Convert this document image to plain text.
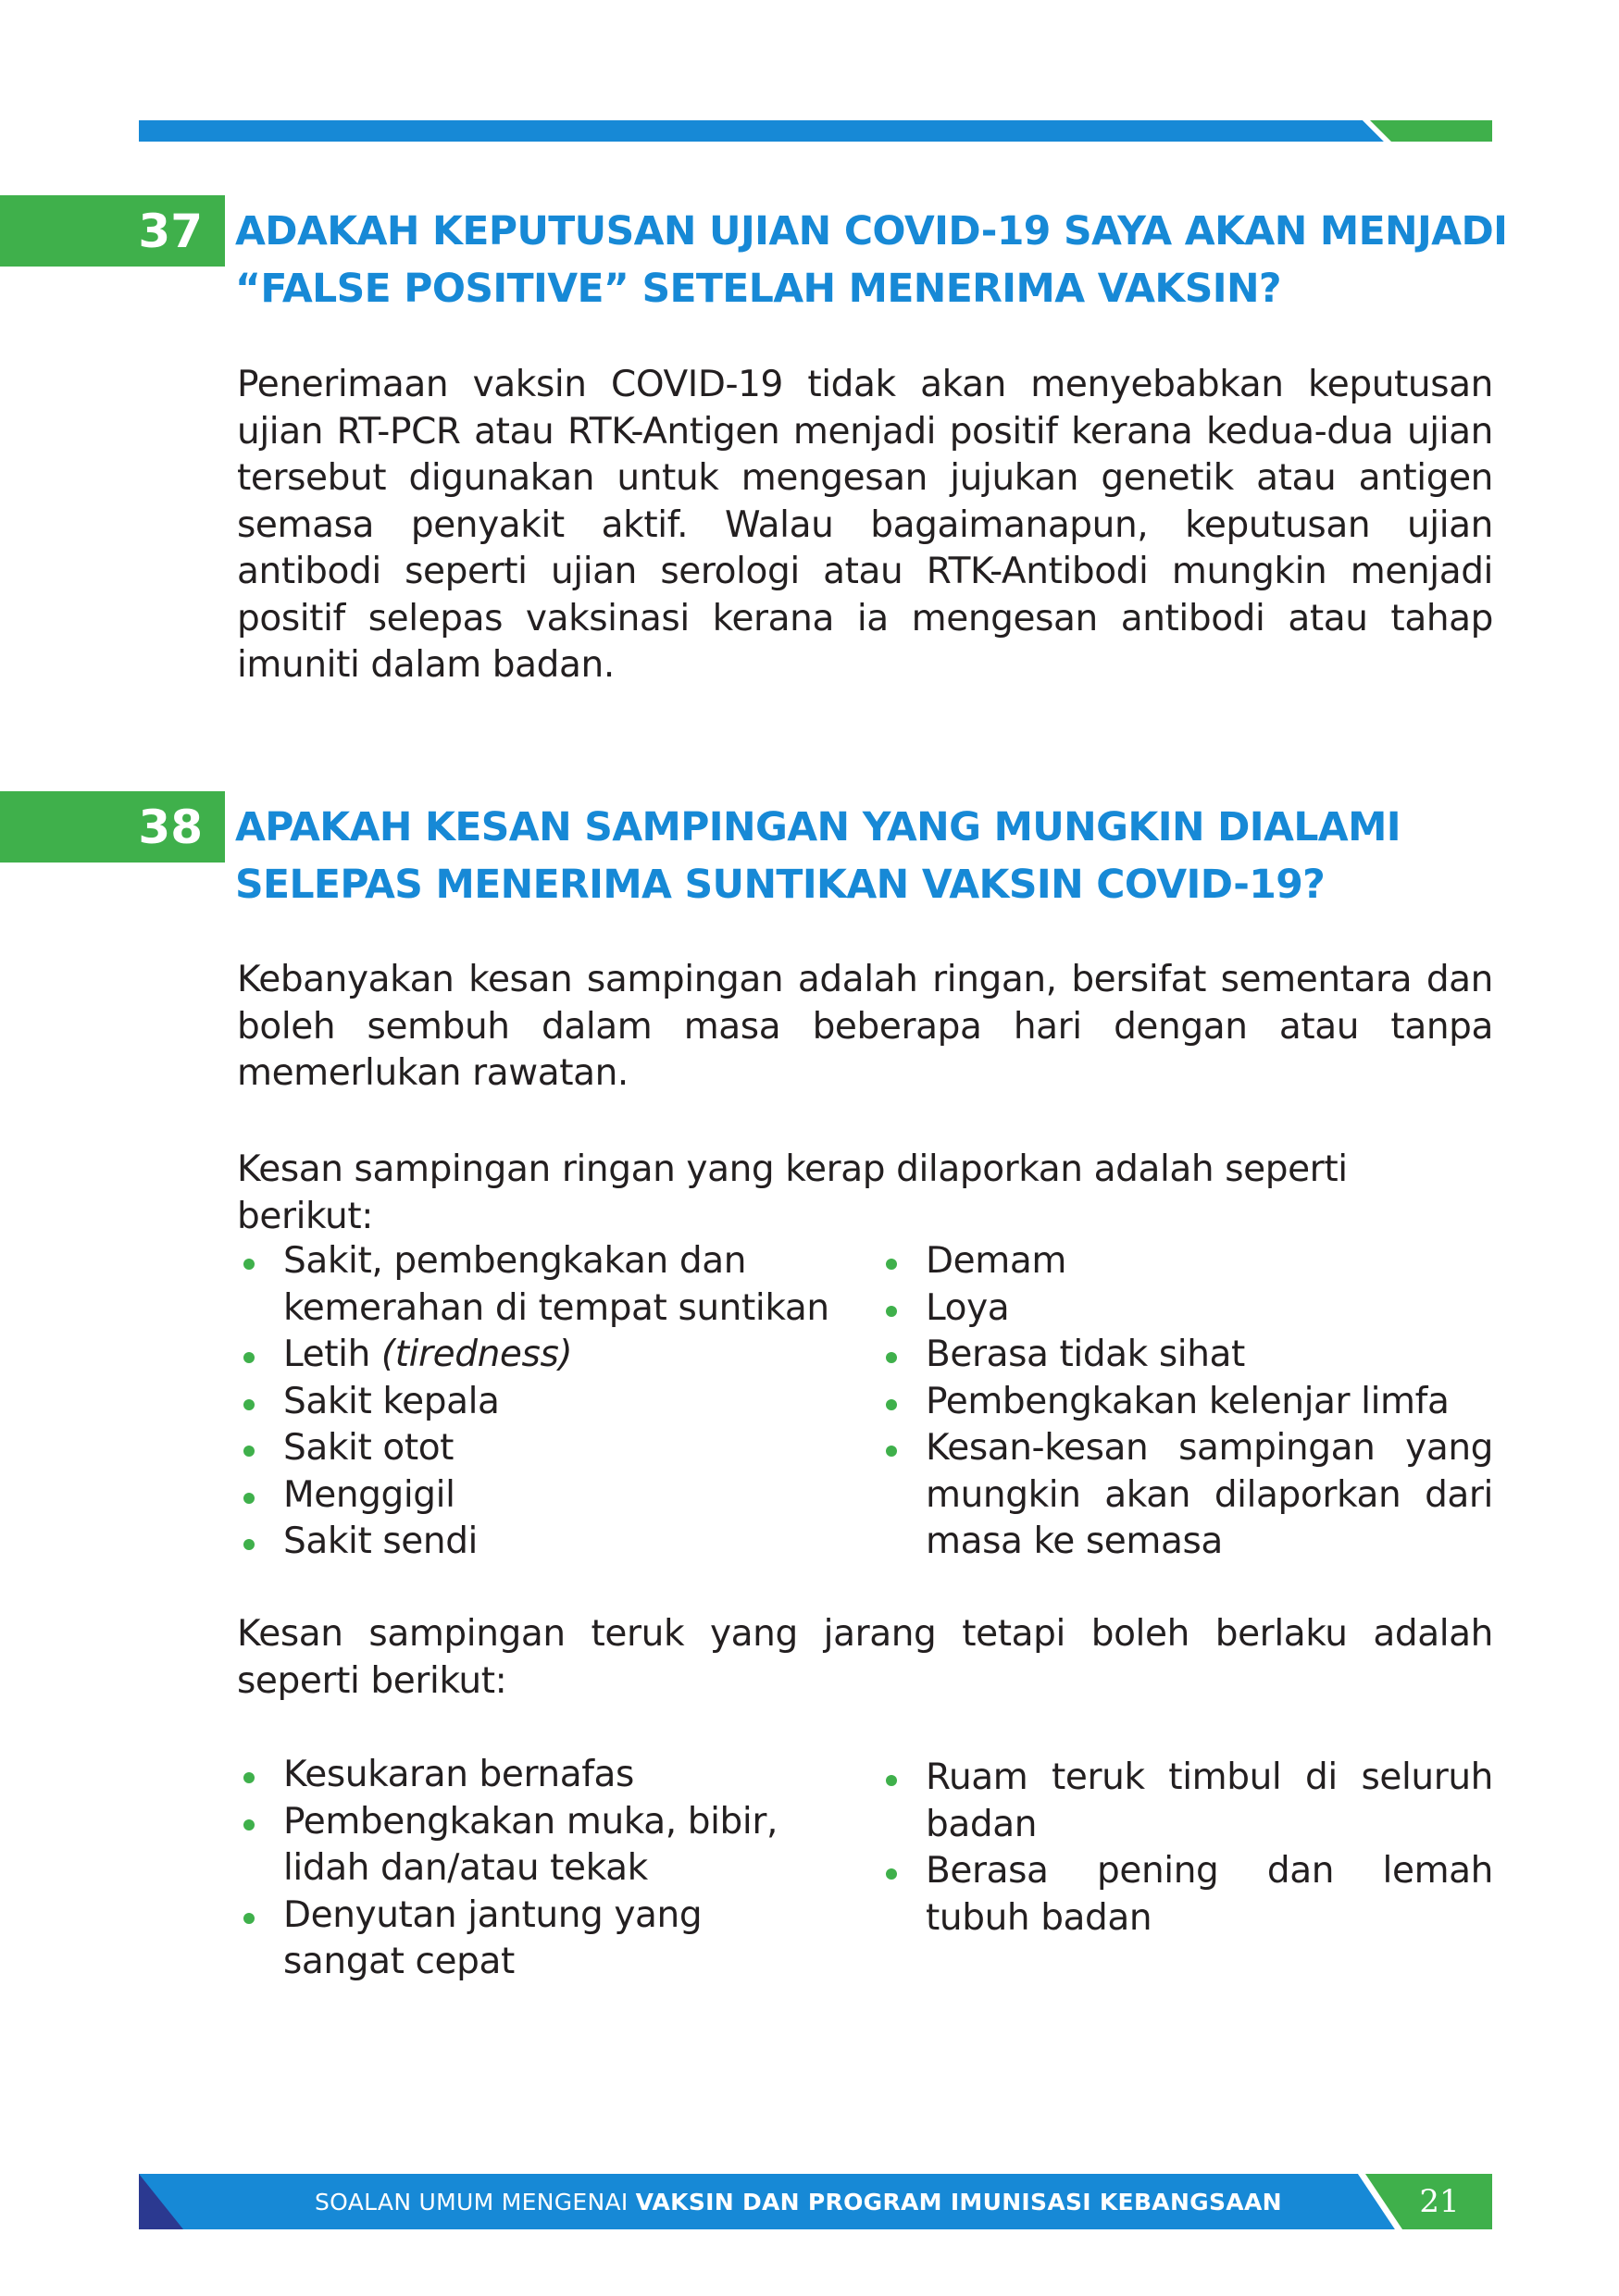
37 ADAKAH KEPUTUSAN UJIAN COVID-19 SAYA AKAN MENJADI
“FALSE POSITIVE” SETELAH MENERIMA VAKSIN?

Penerimaan vaksin COVID-19 tidak akan menyebabkan keputusan ujian RT-PCR atau RTK-Antigen menjadi positif kerana kedua-dua ujian tersebut digunakan untuk mengesan jujukan genetik atau antigen semasa penyakit aktif. Walau bagaimanapun, keputusan ujian antibodi seperti ujian serologi atau RTK-Antibodi mungkin menjadi positif selepas vaksinasi kerana ia mengesan antibodi atau tahap imuniti dalam badan.

38 APAKAH KESAN SAMPINGAN YANG MUNGKIN DIALAMI
SELEPAS MENERIMA SUNTIKAN VAKSIN COVID-19?

Kebanyakan kesan sampingan adalah ringan, bersifat sementara dan boleh sembuh dalam masa beberapa hari dengan atau tanpa memerlukan rawatan.

Kesan sampingan ringan yang kerap dilaporkan adalah seperti berikut:

Sakit, pembengkakan dan kemerahan di tempat suntikan
Letih (tiredness)
Sakit kepala
Sakit otot
Menggigil
Sakit sendi
Demam
Loya
Berasa tidak sihat
Pembengkakan kelenjar limfa
Kesan-kesan sampingan yang mungkin akan dilaporkan dari masa ke semasa

Kesan sampingan teruk yang jarang tetapi boleh berlaku adalah seperti berikut:

Kesukaran bernafas
Pembengkakan muka, bibir, lidah dan/atau tekak
Denyutan jantung yang sangat cepat
Ruam teruk timbul di seluruh badan
Berasa pening dan lemah tubuh badan
SOALAN UMUM MENGENAI VAKSIN DAN PROGRAM IMUNISASI KEBANGSAAN	21
